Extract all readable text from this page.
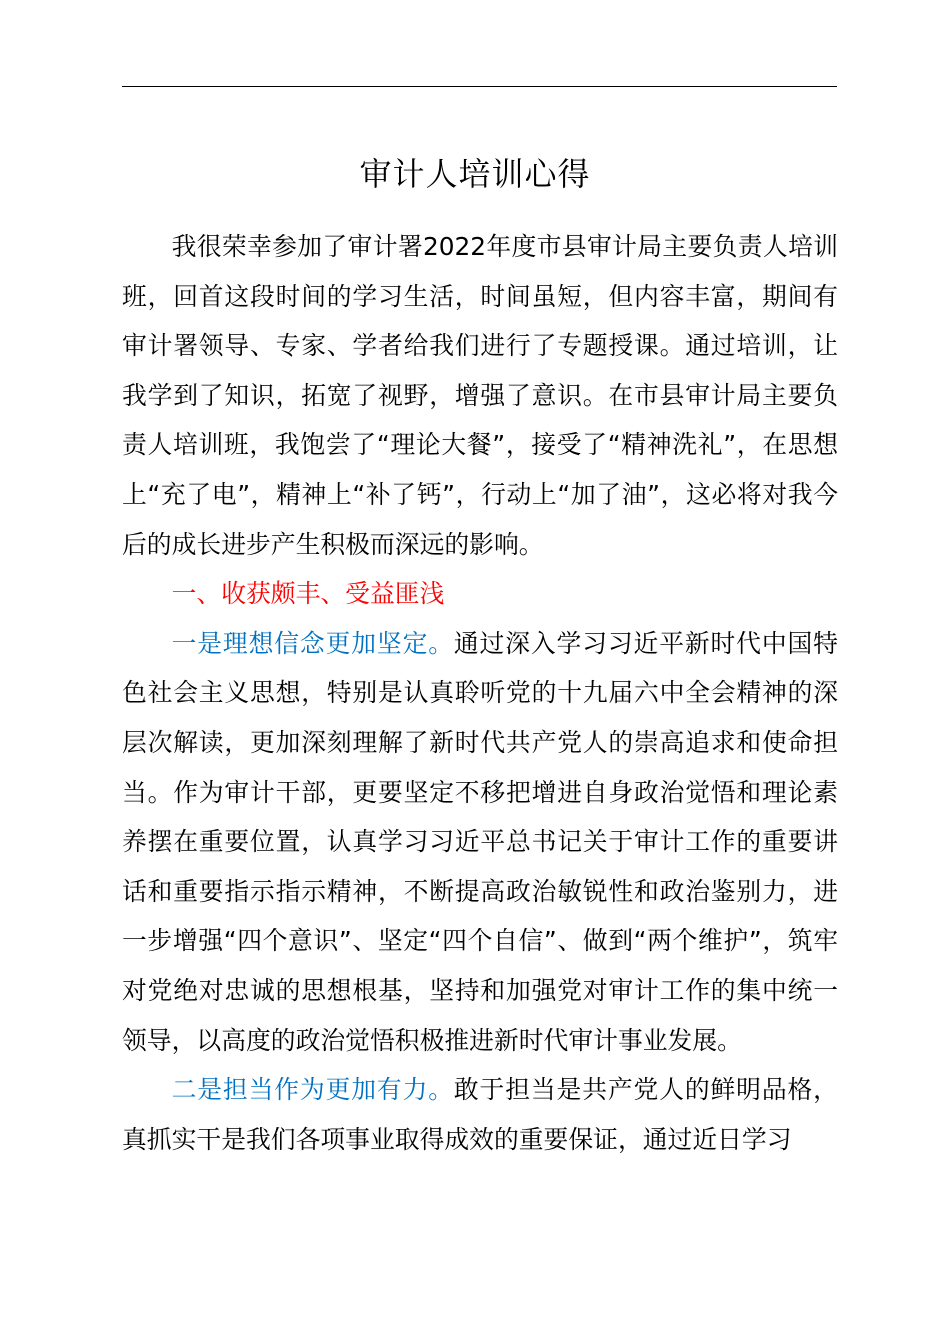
审计人培训心得

我很荣幸参加了审计署2022年度市县审计局主要负责人培训班，回首这段时间的学习生活，时间虽短，但内容丰富，期间有审计署领导、专家、学者给我们进行了专题授课。通过培训，让我学到了知识，拓宽了视野，增强了意识。在市县审计局主要负责人培训班，我饱尝了“理论大餐”，接受了“精神洗礼”，在思想上“充了电”，精神上“补了钙”，行动上“加了油”，这必将对我今后的成长进步产生积极而深远的影响。

一、收获颇丰、受益匪浅

一是理想信念更加坚定。通过深入学习习近平新时代中国特色社会主义思想，特别是认真聆听党的十九届六中全会精神的深层次解读，更加深刻理解了新时代共产党人的崇高追求和使命担当。作为审计干部，更要坚定不移把增进自身政治觉悟和理论素养摆在重要位置，认真学习习近平总书记关于审计工作的重要讲话和重要指示指示精神，不断提高政治敏锐性和政治鉴别力，进一步增强“四个意识”、坚定“四个自信”、做到“两个维护”，筑牢对党绝对忠诚的思想根基，坚持和加强党对审计工作的集中统一领导，以高度的政治觉悟积极推进新时代审计事业发展。

二是担当作为更加有力。敢于担当是共产党人的鲜明品格，真抓实干是我们各项事业取得成效的重要保证，通过近日学习
